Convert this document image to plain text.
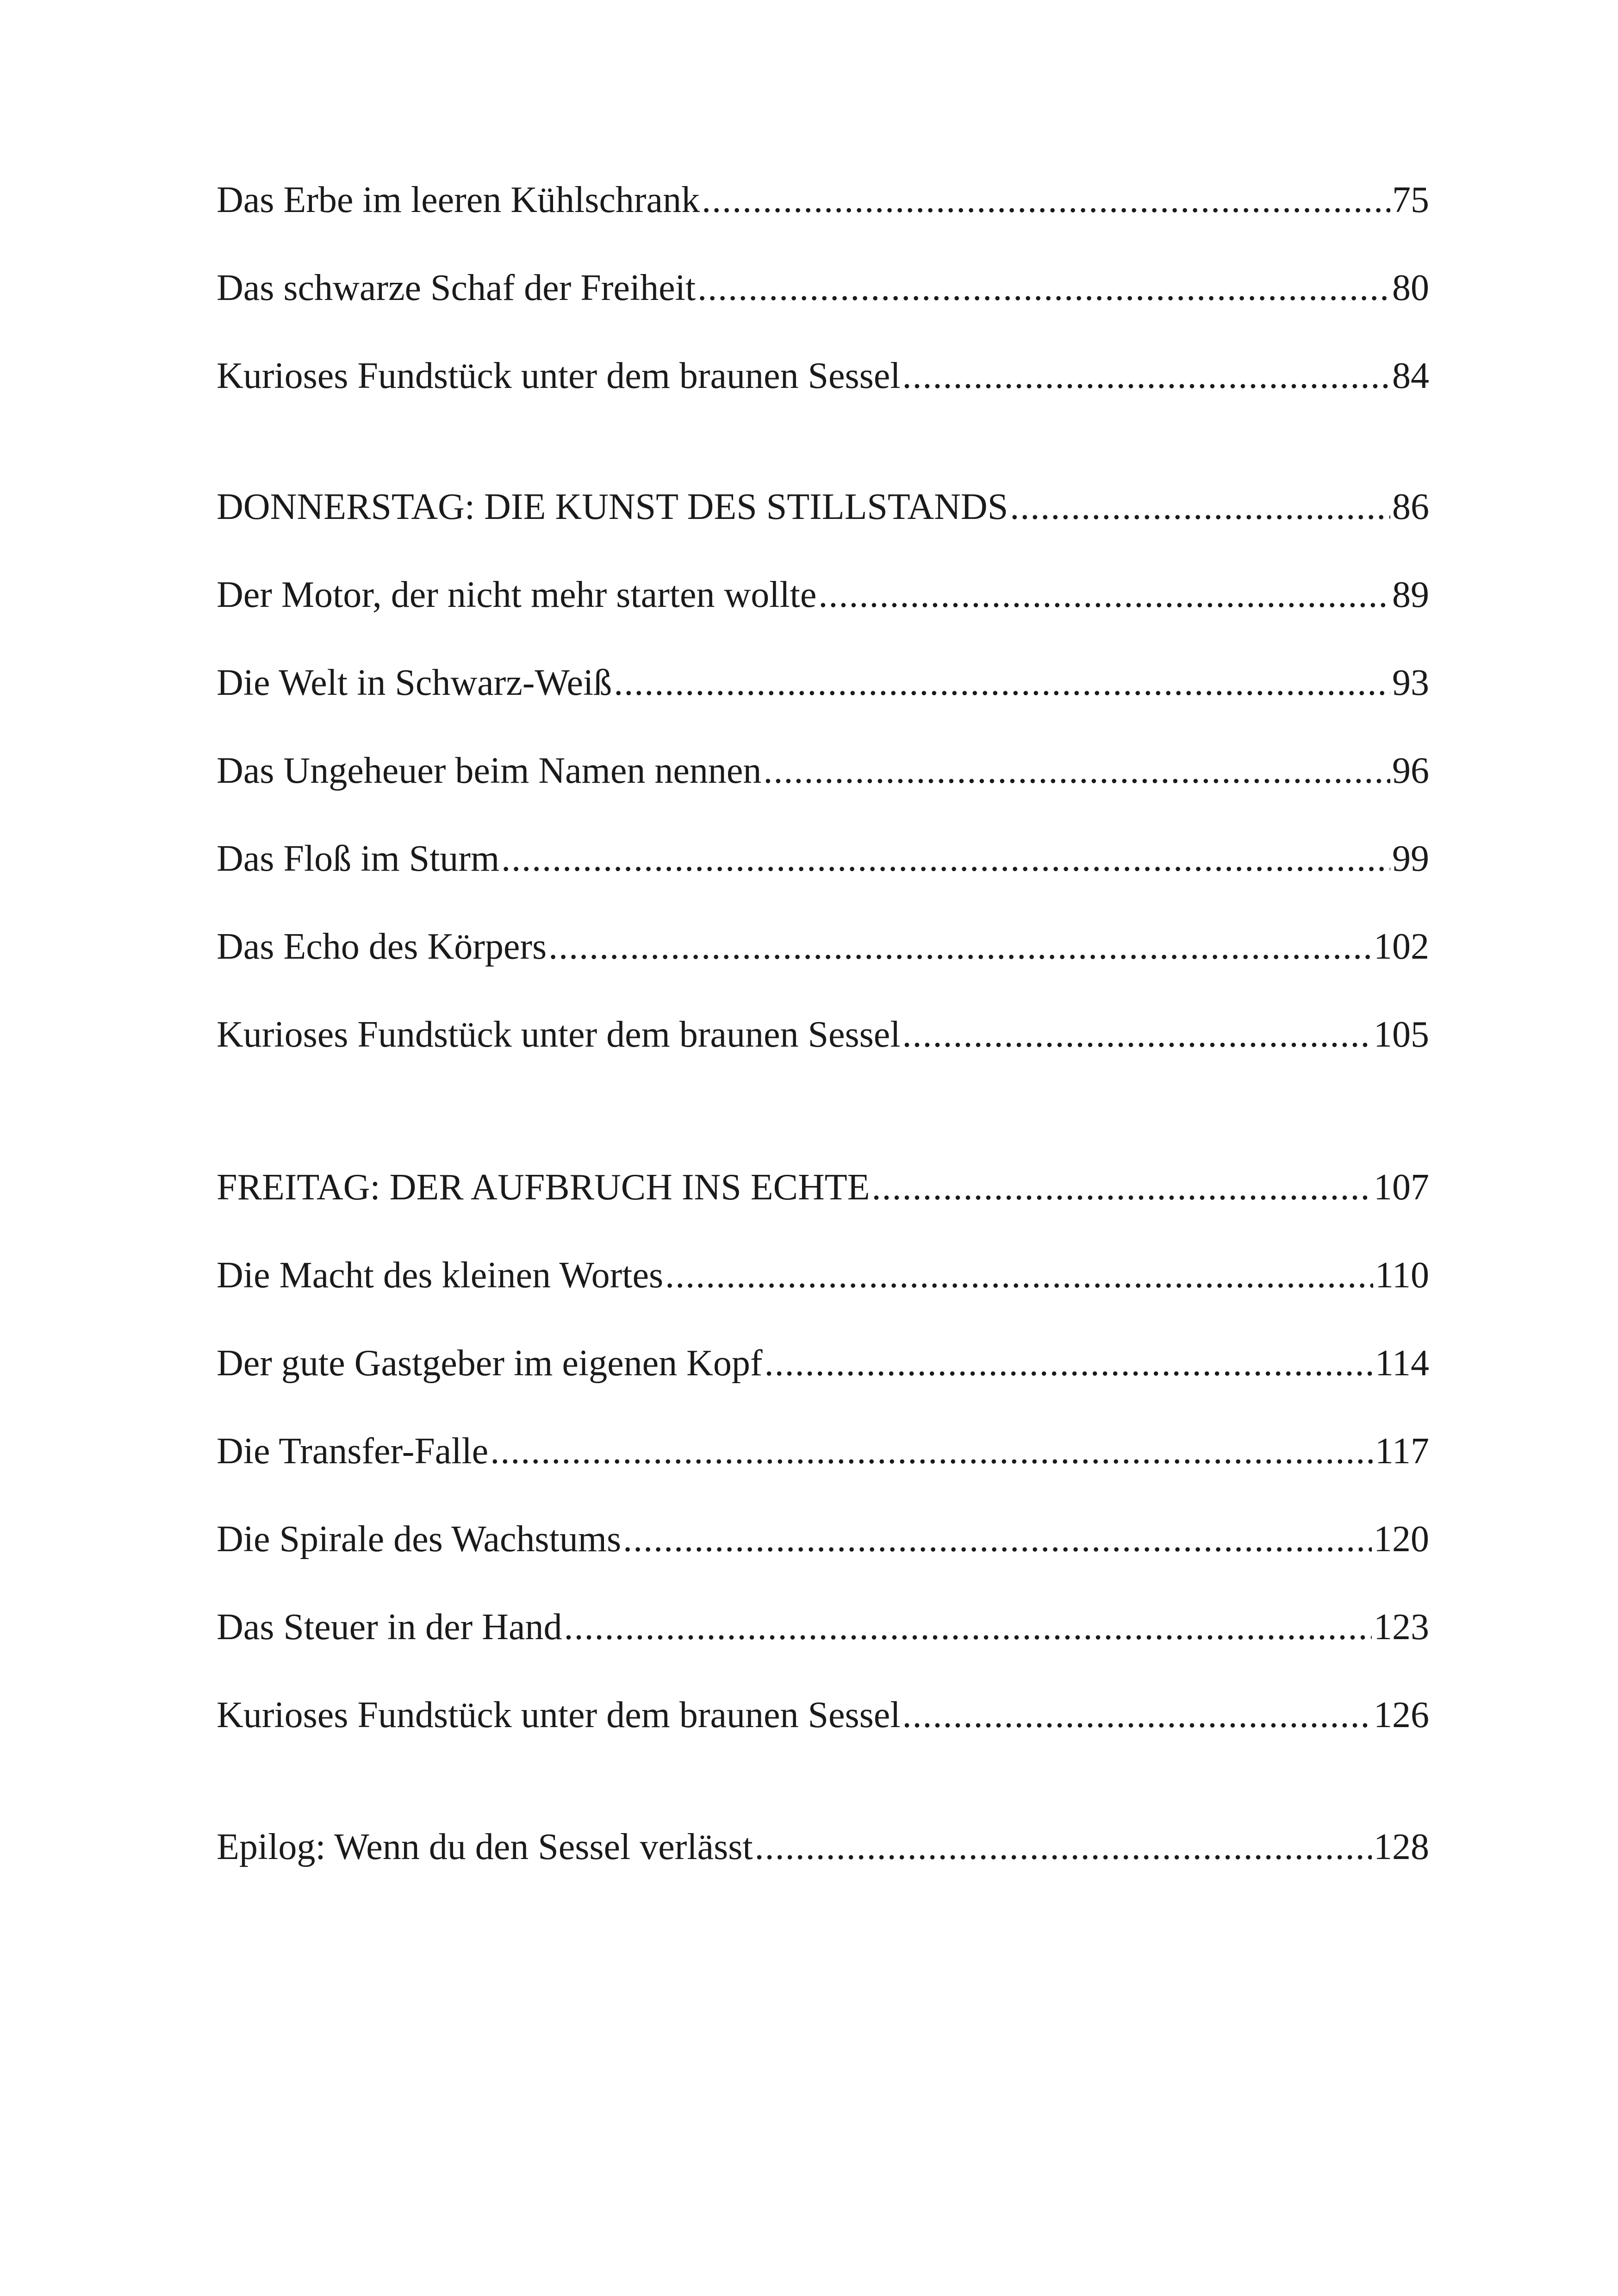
Das Erbe im leeren Kühlschrank .....	75
Das schwarze Schaf der Freiheit .....	80
Kurioses Fundstück unter dem braunen Sessel .....	84
DONNERSTAG: DIE KUNST DES STILLSTANDS .....	86
Der Motor, der nicht mehr starten wollte .....	89
Die Welt in Schwarz-Weiß .....	93
Das Ungeheuer beim Namen nennen .....	96
Das Floß im Sturm .....	99
Das Echo des Körpers .....	102
Kurioses Fundstück unter dem braunen Sessel .....	105
FREITAG: DER AUFBRUCH INS ECHTE .....	107
Die Macht des kleinen Wortes .....	110
Der gute Gastgeber im eigenen Kopf .....	114
Die Transfer-Falle .....	117
Die Spirale des Wachstums .....	120
Das Steuer in der Hand .....	123
Kurioses Fundstück unter dem braunen Sessel .....	126
Epilog: Wenn du den Sessel verlässt .....	128
